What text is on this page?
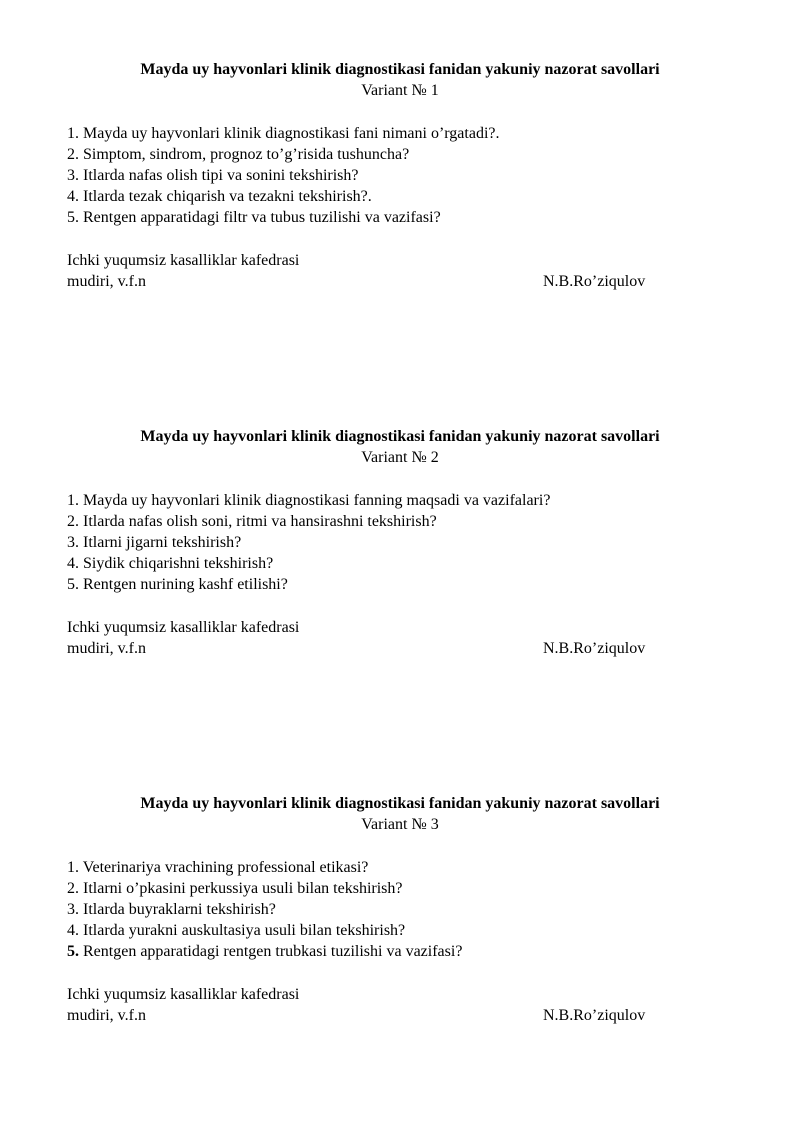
Mayda uy hayvonlari klinik diagnostikasi fanidan yakuniy nazorat savollari

Variant № 1

1. Mayda uy hayvonlari klinik diagnostikasi fani nimani o’rgatadi?.
2. Simptom, sindrom, prognoz to’g’risida tushuncha?
3. Itlarda nafas olish tipi va sonini tekshirish?
4. Itlarda tezak chiqarish va tezakni tekshirish?.
5. Rentgen apparatidagi filtr va tubus tuzilishi va vazifasi?
Ichki yuqumsiz kasalliklar kafedrasi
mudiri, v.f.n	N.B.Ro’ziqulov

Mayda uy hayvonlari klinik diagnostikasi fanidan yakuniy nazorat savollari

Variant № 2

1. Mayda uy hayvonlari klinik diagnostikasi fanning maqsadi va vazifalari?
2. Itlarda nafas olish soni, ritmi va hansirashni tekshirish?
3. Itlarni jigarni tekshirish?
4. Siydik chiqarishni tekshirish?
5. Rentgen nurining kashf etilishi?
Ichki yuqumsiz kasalliklar kafedrasi
mudiri, v.f.n	N.B.Ro’ziqulov

Mayda uy hayvonlari klinik diagnostikasi fanidan yakuniy nazorat savollari

Variant № 3

1. Veterinariya vrachining professional etikasi?
2. Itlarni o’pkasini perkussiya usuli bilan tekshirish?
3. Itlarda buyraklarni tekshirish?
4. Itlarda yurakni auskultasiya usuli bilan tekshirish?
5. Rentgen apparatidagi rentgen trubkasi tuzilishi va vazifasi?
Ichki yuqumsiz kasalliklar kafedrasi
mudiri, v.f.n	N.B.Ro’ziqulov
